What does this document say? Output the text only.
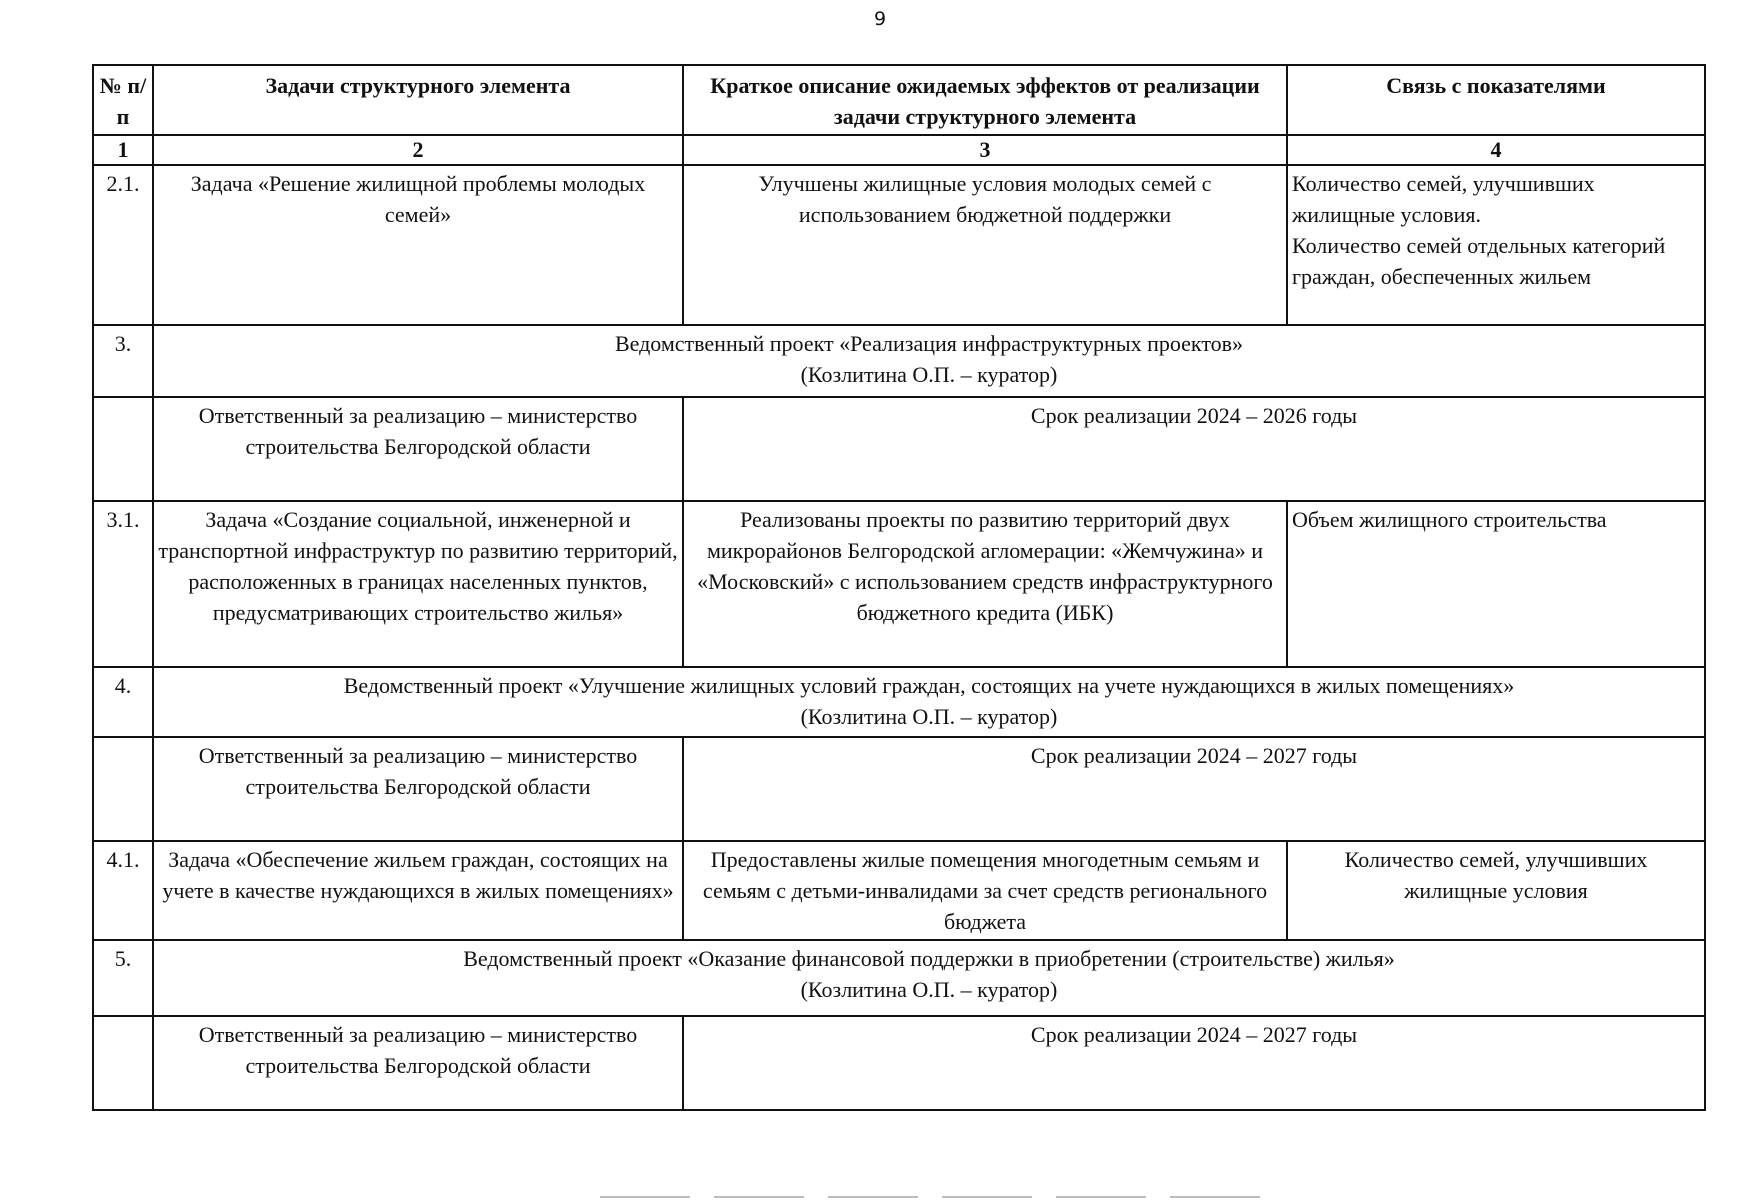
9
№ п/п	Задачи структурного элемента	Краткое описание ожидаемых эффектов от реализации задачи структурного элемента	Связь с показателями
1	2	3	4
2.1.	Задача «Решение жилищной проблемы молодых семей»	Улучшены жилищные условия молодых семей с использованием бюджетной поддержки	Количество семей, улучшивших жилищные условия.
Количество семей отдельных категорий граждан, обеспеченных жильем

3.	Ведомственный проект «Реализация инфраструктурных проектов»
(Козлитина О.П. – куратор)		

	Ответственный за реализацию – министерство строительства Белгородской области	Срок реализации 2024 – 2026 годы	
3.1.	Задача «Создание социальной, инженерной и транспортной инфраструктур по развитию территорий, расположенных в границах населенных пунктов, предусматривающих строительство жилья»	Реализованы проекты по развитию территорий двух микрорайонов Белгородской агломерации: «Жемчужина» и «Московский» с использованием средств инфраструктурного бюджетного кредита (ИБК)	Объем жилищного строительства
4.	Ведомственный проект «Улучшение жилищных условий граждан, состоящих на учете нуждающихся в жилых помещениях»
(Козлитина О.П. – куратор)		

	Ответственный за реализацию – министерство строительства Белгородской области	Срок реализации 2024 – 2027 годы	
4.1.	Задача «Обеспечение жильем граждан, состоящих на учете в качестве нуждающихся в жилых помещениях»	Предоставлены жилые помещения многодетным семьям и семьям с детьми-инвалидами за счет средств регионального бюджета	Количество семей, улучшивших жилищные условия
5.	Ведомственный проект «Оказание финансовой поддержки в приобретении (строительстве) жилья»
(Козлитина О.П. – куратор)		

	Ответственный за реализацию – министерство строительства Белгородской области	Срок реализации 2024 – 2027 годы	
